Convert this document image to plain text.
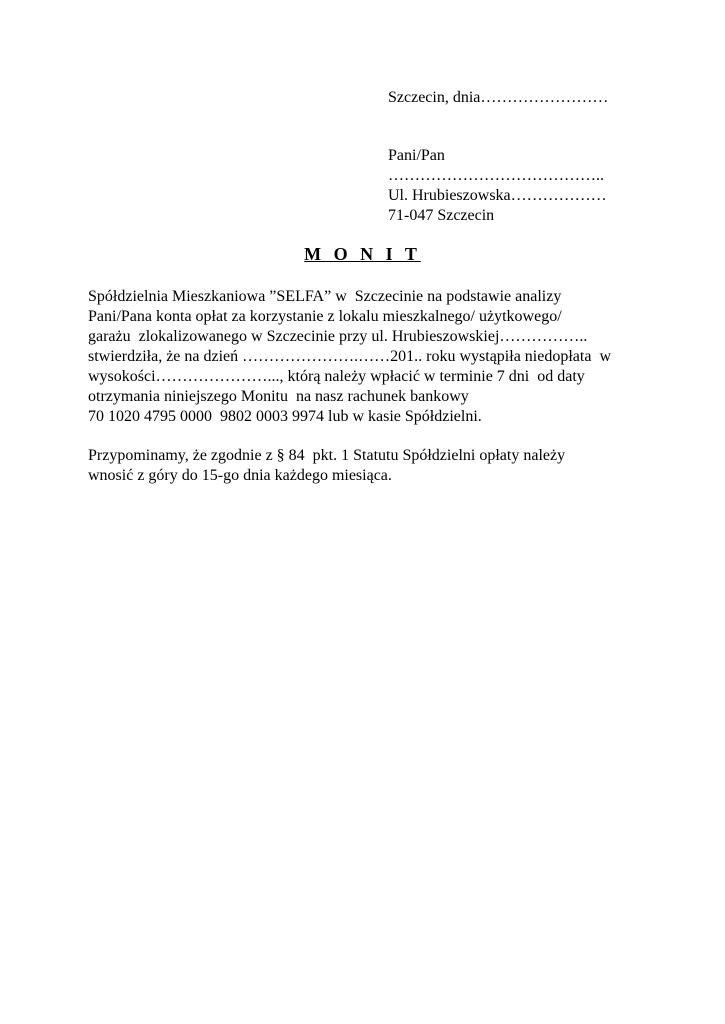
Szczecin, dnia……………………
Pani/Pan
…………………………………..
Ul. Hrubieszowska………………
71-047 Szczecin
M O N I T
Spółdzielnia Mieszkaniowa ”SELFA” w  Szczecinie na podstawie analizy
Pani/Pana konta opłat za korzystanie z lokalu mieszkalnego/ użytkowego/
garażu  zlokalizowanego w Szczecinie przy ul. Hrubieszowskiej……………..
stwierdziła, że na dzień ………………….……201.. roku wystąpiła niedopłata  w
wysokości…………………..., którą należy wpłacić w terminie 7 dni  od daty
otrzymania niniejszego Monitu  na nasz rachunek bankowy
70 1020 4795 0000  9802 0003 9974 lub w kasie Spółdzielni.
Przypominamy, że zgodnie z § 84  pkt. 1 Statutu Spółdzielni opłaty należy
wnosić z góry do 15-go dnia każdego miesiąca.
